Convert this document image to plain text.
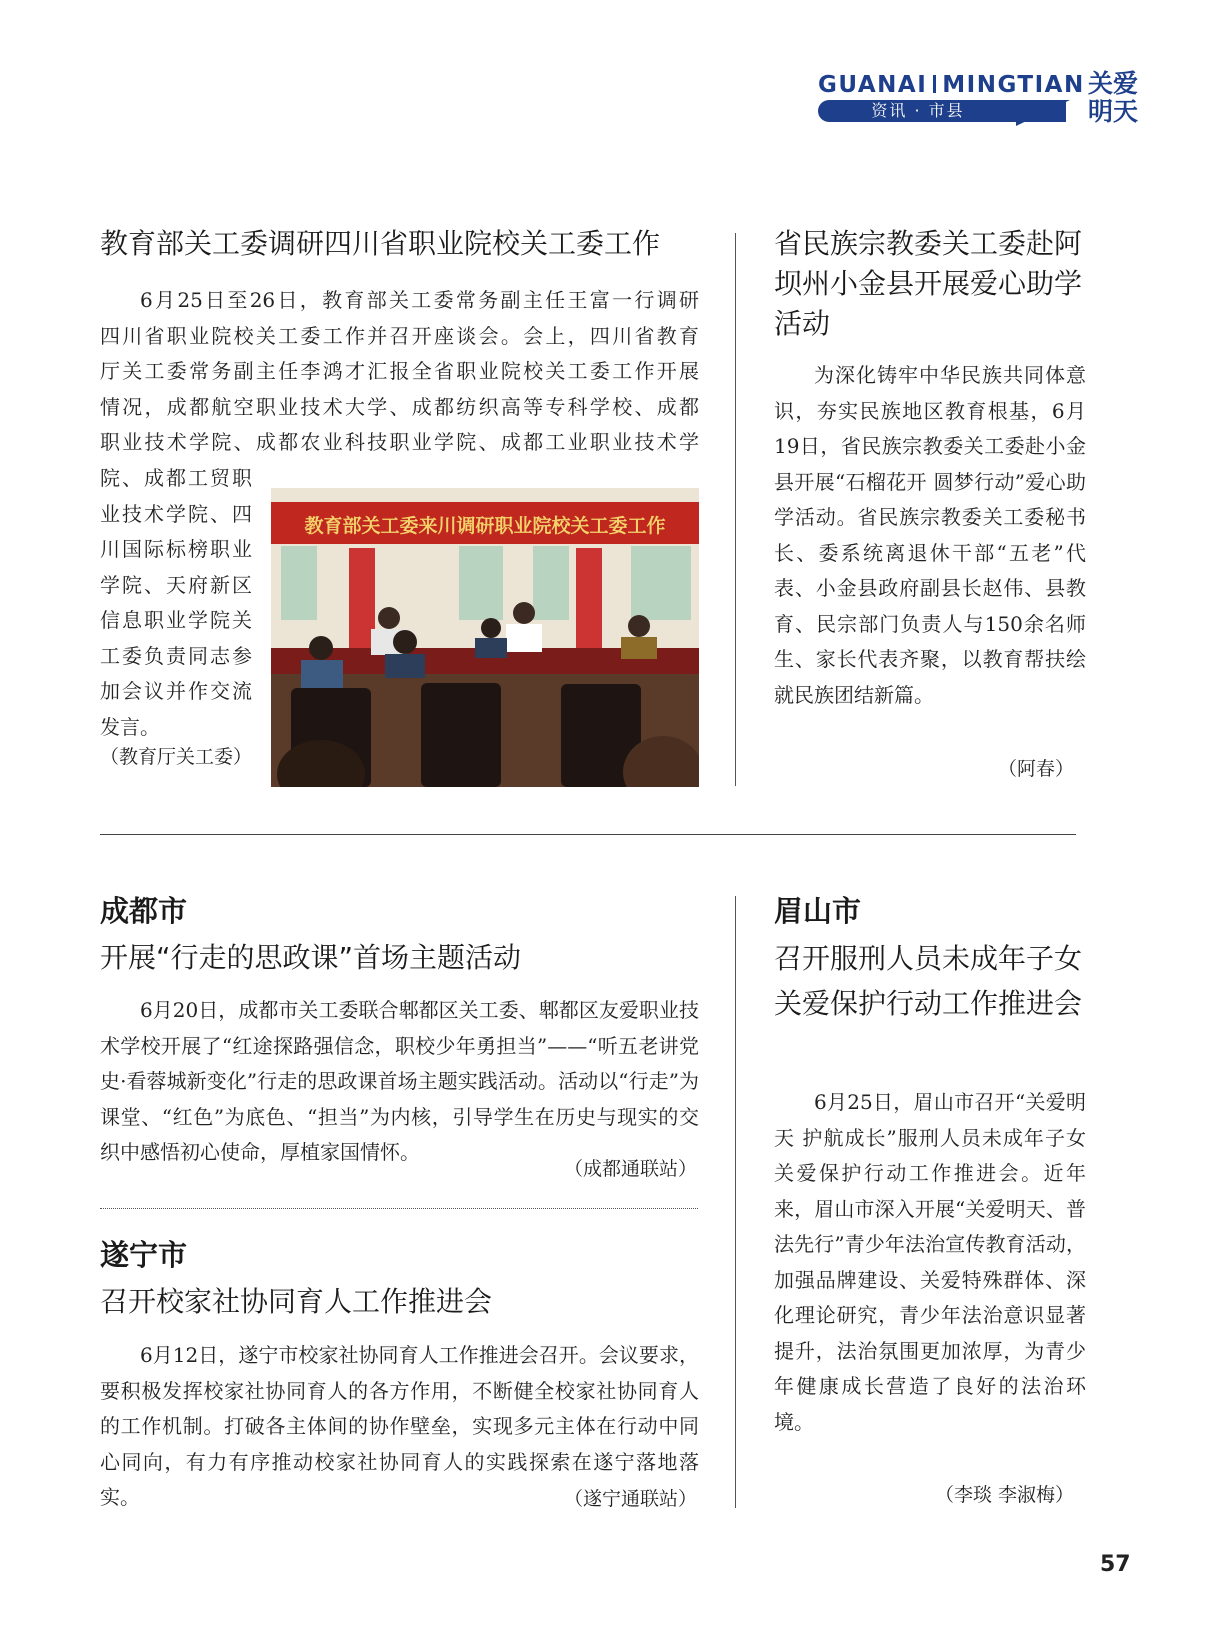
GUANAI MINGTIAN
资讯 · 市县
关爱
明天
教育部关工委调研四川省职业院校关工委工作
6月25日至26日，教育部关工委常务副主任王富一行调研
四川省职业院校关工委工作并召开座谈会。会上，四川省教育
厅关工委常务副主任李鸿才汇报全省职业院校关工委工作开展
情况，成都航空职业技术大学、成都纺织高等专科学校、成都
职业技术学院、成都农业科技职业学院、成都工业职业技术学
院、成都工贸职
业技术学院、四
川国际标榜职业
学院、天府新区
信息职业学院关
工委负责同志参
加会议并作交流
发言。
教育部关工委来川调研职业院校关工委工作
（教育厅关工委）
省民族宗教委关工委赴阿坝州小金县开展爱心助学活动

为深化铸牢中华民族共同体意识，夯实民族地区教育根基，6月19日，省民族宗教委关工委赴小金县开展“石榴花开 圆梦行动”爱心助学活动。省民族宗教委关工委秘书长、委系统离退休干部“五老”代表、小金县政府副县长赵伟、县教育、民宗部门负责人与150余名师生、家长代表齐聚，以教育帮扶绘就民族团结新篇。

（阿春）
成都市
开展“行走的思政课”首场主题活动

6月20日，成都市关工委联合郫都区关工委、郫都区友爱职业技术学校开展了“红途探路强信念，职校少年勇担当”——“听五老讲党史·看蓉城新变化”行走的思政课首场主题实践活动。活动以“行走”为课堂、“红色”为底色、“担当”为内核，引导学生在历史与现实的交织中感悟初心使命，厚植家国情怀。

（成都通联站）
遂宁市
召开校家社协同育人工作推进会

6月12日，遂宁市校家社协同育人工作推进会召开。会议要求，要积极发挥校家社协同育人的各方作用，不断健全校家社协同育人的工作机制。打破各主体间的协作壁垒，实现多元主体在行动中同心同向，有力有序推动校家社协同育人的实践探索在遂宁落地落实。	（遂宁通联站）
眉山市
召开服刑人员未成年子女关爱保护行动工作推进会

6月25日，眉山市召开“关爱明天 护航成长”服刑人员未成年子女关爱保护行动工作推进会。近年来，眉山市深入开展“关爱明天、普法先行”青少年法治宣传教育活动，加强品牌建设、关爱特殊群体、深化理论研究，青少年法治意识显著提升，法治氛围更加浓厚，为青少年健康成长营造了良好的法治环境。

（李琰 李淑梅）
57
